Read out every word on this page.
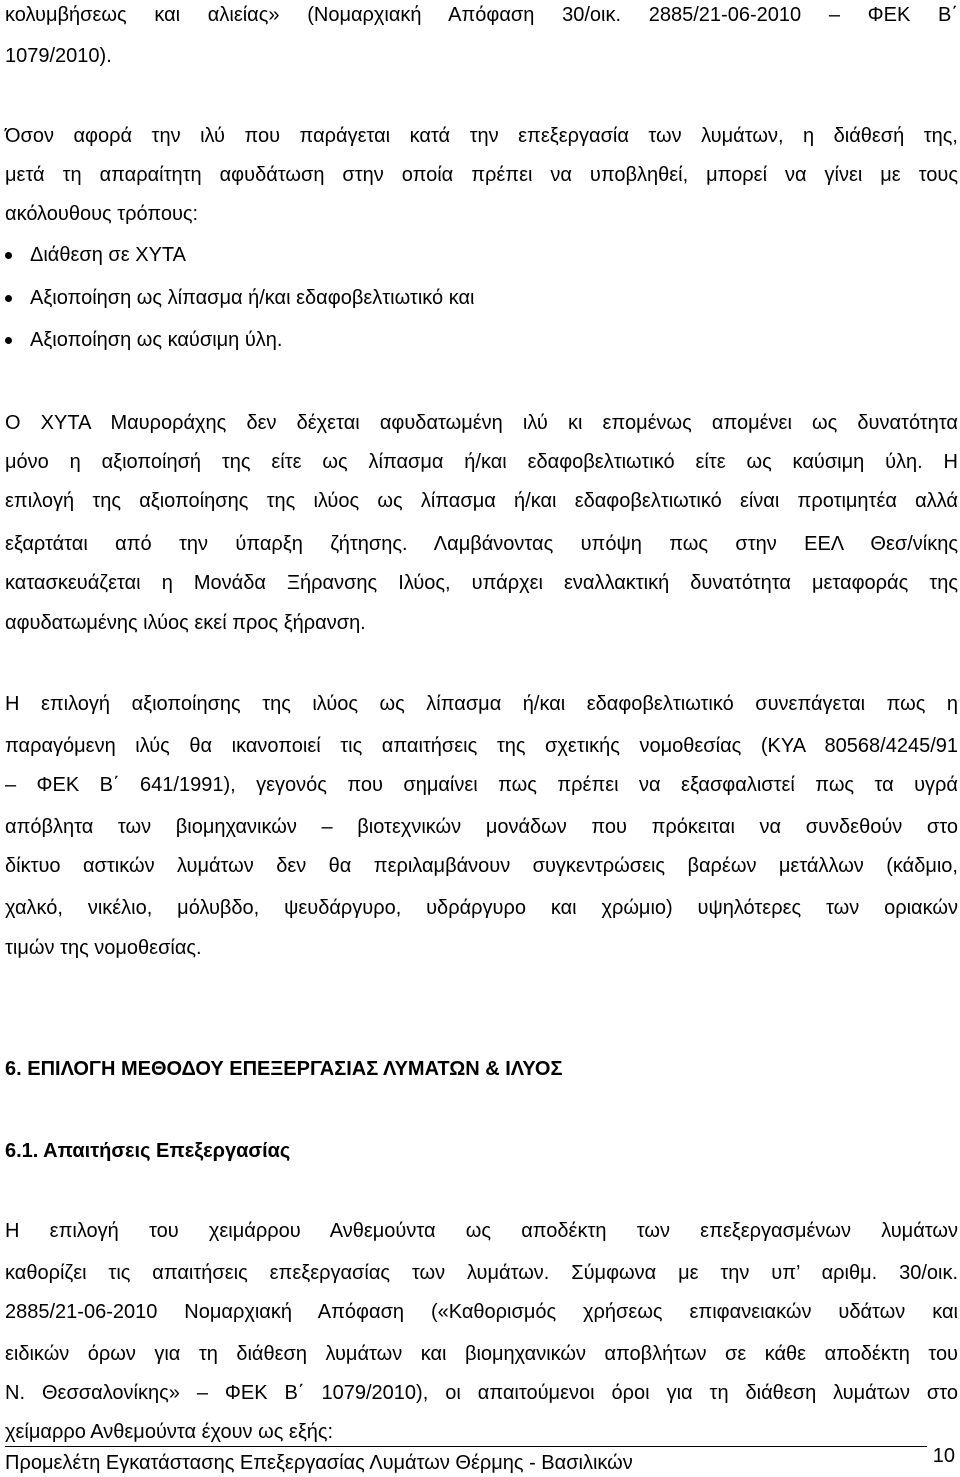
κολυμβήσεως και αλιείας» (Νομαρχιακή Απόφαση 30/οικ. 2885/21-06-2010 – ΦΕΚ Β΄
1079/2010).
Όσον αφορά την ιλύ που παράγεται κατά την επεξεργασία των λυμάτων, η διάθεσή της,
μετά τη απαραίτητη αφυδάτωση στην οποία πρέπει να υποβληθεί, μπορεί να γίνει με τους
ακόλουθους τρόπους:
Διάθεση σε ΧΥΤΑ
Αξιοποίηση ως λίπασμα ή/και εδαφοβελτιωτικό και
Αξιοποίηση ως καύσιμη ύλη.
Ο ΧΥΤΑ Μαυροράχης δεν δέχεται αφυδατωμένη ιλύ κι επομένως απομένει ως δυνατότητα
μόνο η αξιοποίησή της είτε ως λίπασμα ή/και εδαφοβελτιωτικό είτε ως καύσιμη ύλη. Η
επιλογή της αξιοποίησης της ιλύος ως λίπασμα ή/και εδαφοβελτιωτικό είναι προτιμητέα αλλά
εξαρτάται από την ύπαρξη ζήτησης. Λαμβάνοντας υπόψη πως στην ΕΕΛ Θεσ/νίκης
κατασκευάζεται η Μονάδα Ξήρανσης Ιλύος, υπάρχει εναλλακτική δυνατότητα μεταφοράς της
αφυδατωμένης ιλύος εκεί προς ξήρανση.
Η επιλογή αξιοποίησης της ιλύος ως λίπασμα ή/και εδαφοβελτιωτικό συνεπάγεται πως η
παραγόμενη ιλύς θα ικανοποιεί τις απαιτήσεις της σχετικής νομοθεσίας (ΚΥΑ 80568/4245/91
– ΦΕΚ Β΄ 641/1991), γεγονός που σημαίνει πως πρέπει να εξασφαλιστεί πως τα υγρά
απόβλητα των βιομηχανικών – βιοτεχνικών μονάδων που πρόκειται να συνδεθούν στο
δίκτυο αστικών λυμάτων δεν θα περιλαμβάνουν συγκεντρώσεις βαρέων μετάλλων (κάδμιο,
χαλκό, νικέλιο, μόλυβδο, ψευδάργυρο, υδράργυρο και χρώμιο) υψηλότερες των οριακών
τιμών της νομοθεσίας.
6. ΕΠΙΛΟΓΗ ΜΕΘΟΔΟΥ ΕΠΕΞΕΡΓΑΣΙΑΣ ΛΥΜΑΤΩΝ & ΙΛΥΟΣ
6.1. Απαιτήσεις Επεξεργασίας
Η επιλογή του χειμάρρου Ανθεμούντα ως αποδέκτη των επεξεργασμένων λυμάτων
καθορίζει τις απαιτήσεις επεξεργασίας των λυμάτων. Σύμφωνα με την υπ’ αριθμ. 30/οικ.
2885/21-06-2010 Νομαρχιακή Απόφαση («Καθορισμός χρήσεως επιφανειακών υδάτων και
ειδικών όρων για τη διάθεση λυμάτων και βιομηχανικών αποβλήτων σε κάθε αποδέκτη του
Ν. Θεσσαλονίκης» – ΦΕΚ Β΄ 1079/2010), οι απαιτούμενοι όροι για τη διάθεση λυμάτων στο
χείμαρρο Ανθεμούντα έχουν ως εξής:
Προμελέτη Εγκατάστασης Επεξεργασίας Λυμάτων Θέρμης - Βασιλικών	10
